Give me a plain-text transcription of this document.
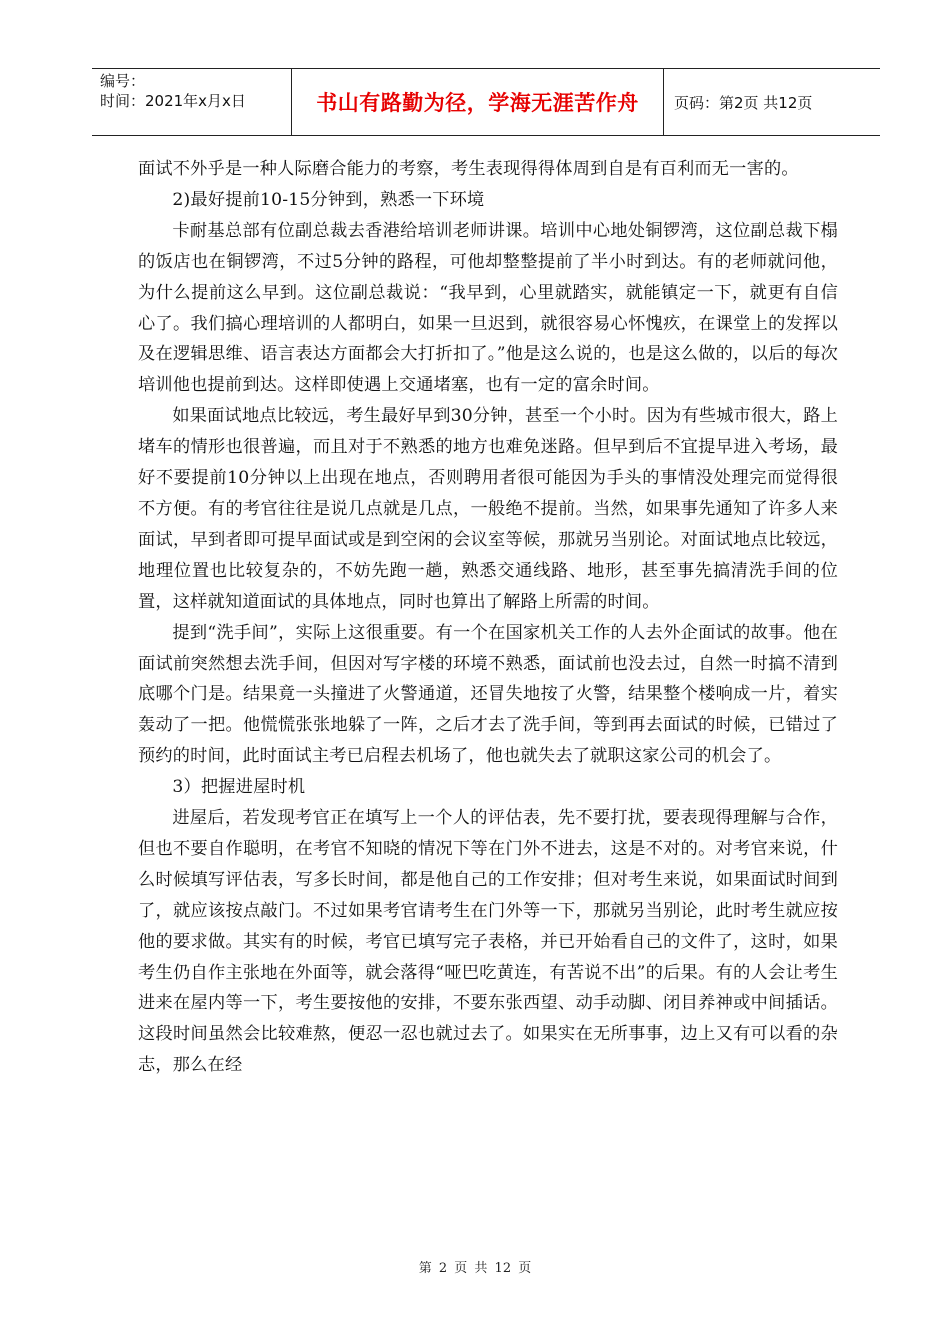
编号：
时间：2021年x月x日	书山有路勤为径，学海无涯苦作舟	页码：第2页 共12页

面试不外乎是一种人际磨合能力的考察，考生表现得得体周到自是有百利而无一害的。

2)最好提前10-15分钟到，熟悉一下环境

卡耐基总部有位副总裁去香港给培训老师讲课。培训中心地处铜锣湾，这位副总裁下榻的饭店也在铜锣湾，不过5分钟的路程，可他却整整提前了半小时到达。有的老师就问他，为什么提前这么早到。这位副总裁说：“我早到，心里就踏实，就能镇定一下，就更有自信心了。我们搞心理培训的人都明白，如果一旦迟到，就很容易心怀愧疚，在课堂上的发挥以及在逻辑思维、语言表达方面都会大打折扣了。”他是这么说的，也是这么做的，以后的每次培训他也提前到达。这样即使遇上交通堵塞，也有一定的富余时间。

如果面试地点比较远，考生最好早到30分钟，甚至一个小时。因为有些城市很大，路上堵车的情形也很普遍，而且对于不熟悉的地方也难免迷路。但早到后不宜提早进入考场，最好不要提前10分钟以上出现在地点，否则聘用者很可能因为手头的事情没处理完而觉得很不方便。有的考官往往是说几点就是几点，一般绝不提前。当然，如果事先通知了许多人来面试，早到者即可提早面试或是到空闲的会议室等候，那就另当别论。对面试地点比较远，地理位置也比较复杂的，不妨先跑一趟，熟悉交通线路、地形，甚至事先搞清洗手间的位置，这样就知道面试的具体地点，同时也算出了解路上所需的时间。

提到“洗手间”，实际上这很重要。有一个在国家机关工作的人去外企面试的故事。他在面试前突然想去洗手间，但因对写字楼的环境不熟悉，面试前也没去过，自然一时搞不清到底哪个门是。结果竟一头撞进了火警通道，还冒失地按了火警，结果整个楼响成一片，着实轰动了一把。他慌慌张张地躲了一阵，之后才去了洗手间，等到再去面试的时候，已错过了预约的时间，此时面试主考已启程去机场了，他也就失去了就职这家公司的机会了。

3）把握进屋时机

进屋后，若发现考官正在填写上一个人的评估表，先不要打扰，要表现得理解与合作，但也不要自作聪明，在考官不知晓的情况下等在门外不进去，这是不对的。对考官来说，什么时候填写评估表，写多长时间，都是他自己的工作安排；但对考生来说，如果面试时间到了，就应该按点敲门。不过如果考官请考生在门外等一下，那就另当别论，此时考生就应按他的要求做。其实有的时候，考官已填写完子表格，并已开始看自己的文件了，这时，如果考生仍自作主张地在外面等，就会落得“哑巴吃黄连，有苦说不出”的后果。有的人会让考生进来在屋内等一下，考生要按他的安排，不要东张西望、动手动脚、闭目养神或中间插话。这段时间虽然会比较难熬，便忍一忍也就过去了。如果实在无所事事，边上又有可以看的杂志，那么在经

第 2 页 共 12 页
